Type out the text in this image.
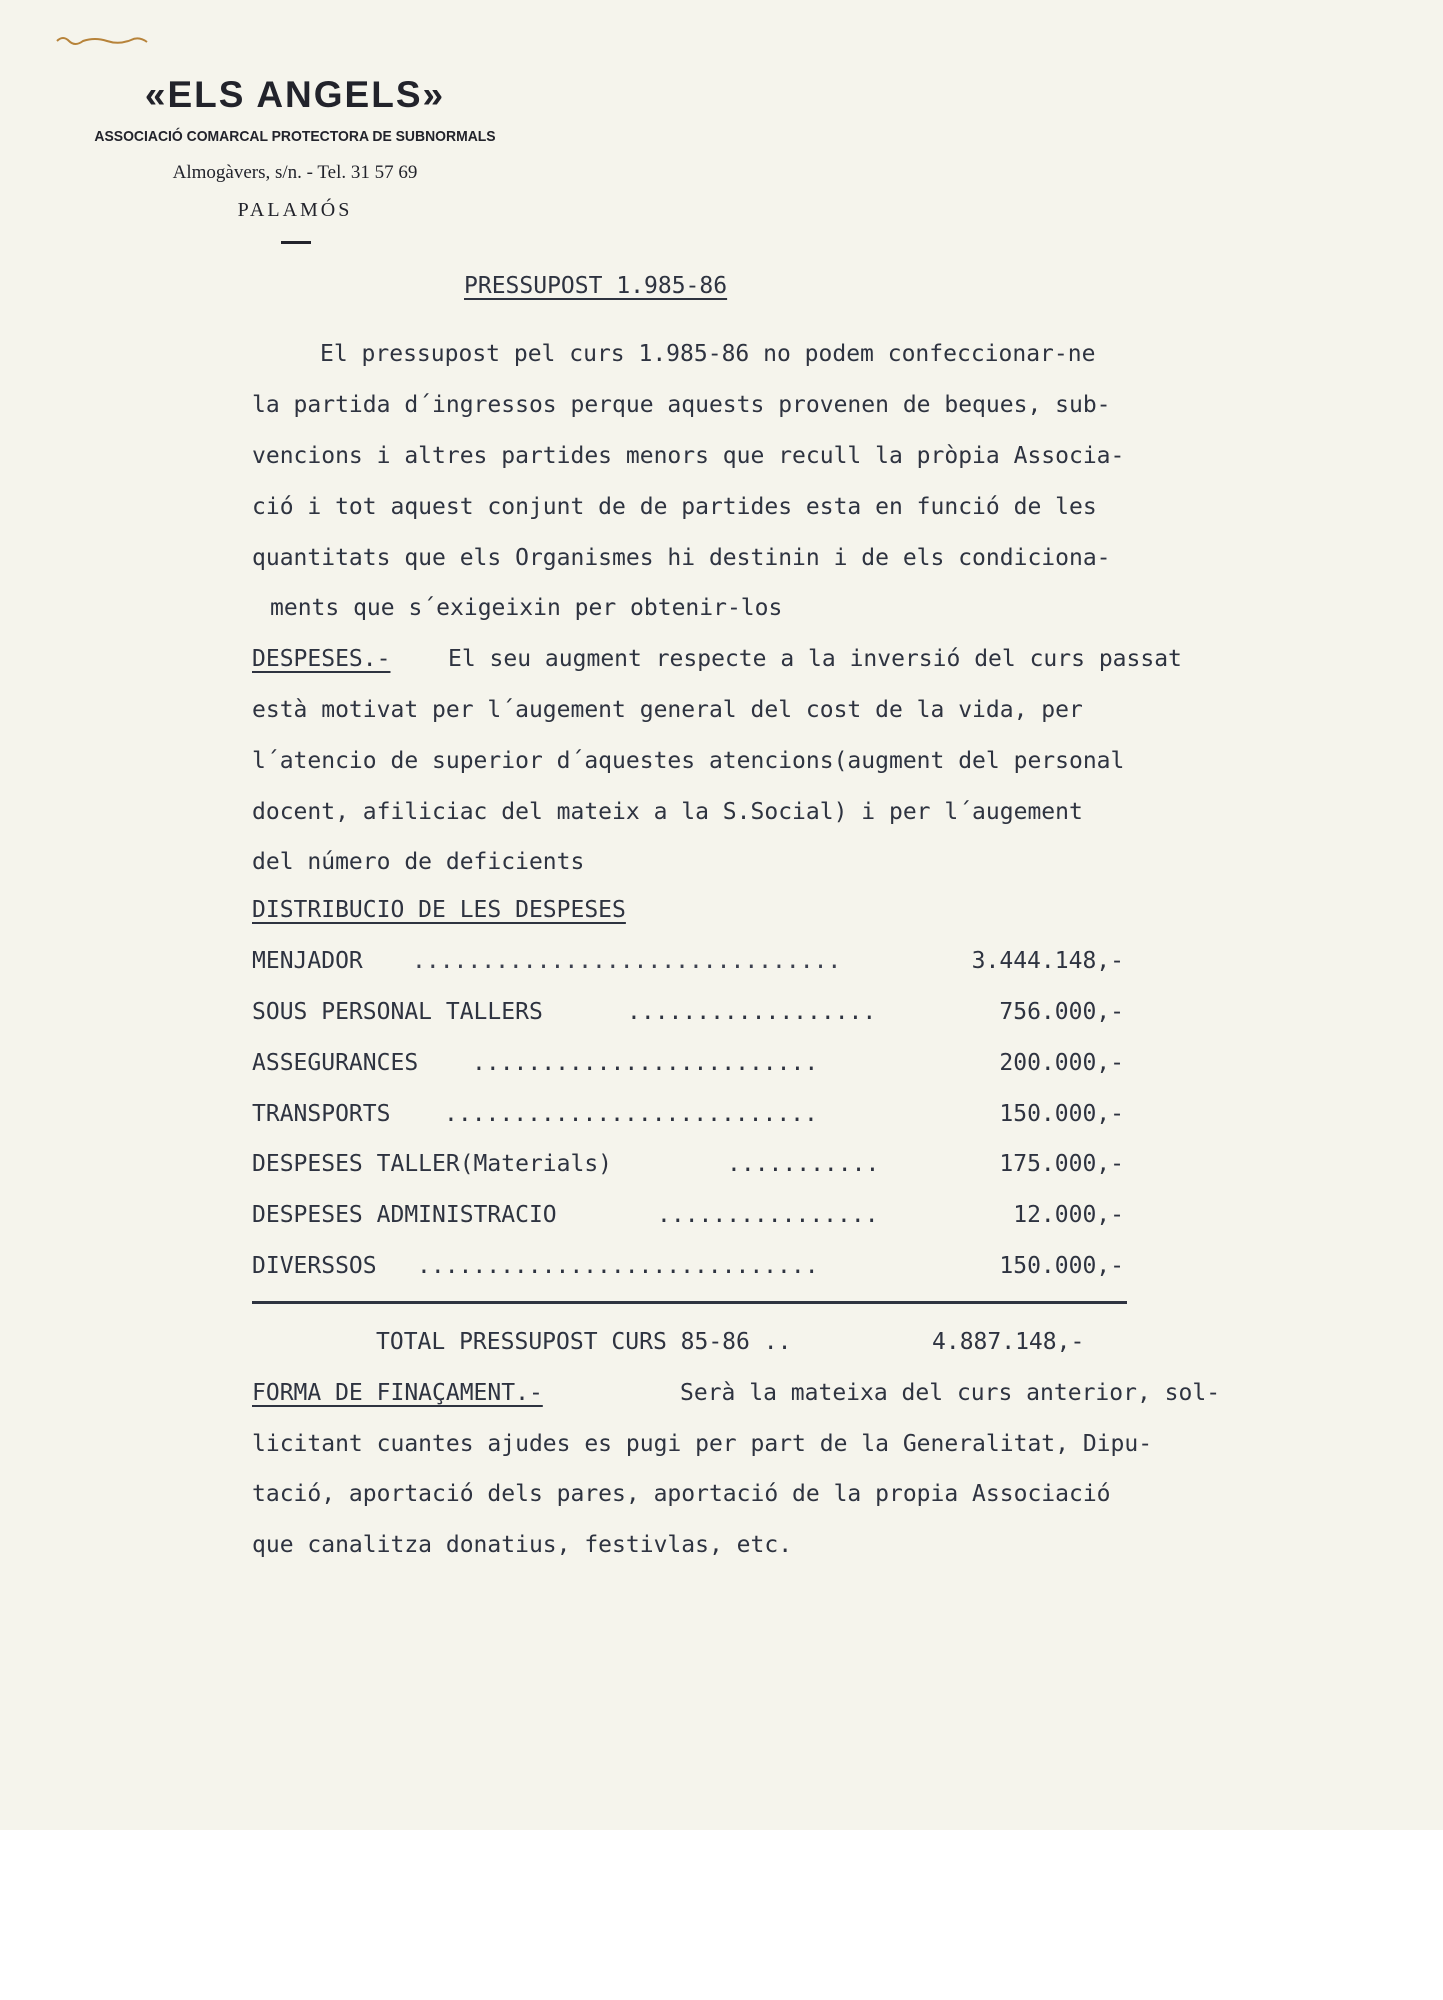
«ELS ANGELS»
ASSOCIACIÓ COMARCAL PROTECTORA DE SUBNORMALS
Almogàvers, s/n. - Tel. 31 57 69
PALAMÓS
PRESSUPOST 1.985-86
El pressupost pel curs 1.985-86 no podem confeccionar-ne
la partida d´ingressos perque aquests provenen de beques, sub-
vencions i altres partides menors que recull la pròpia Associa-
ció i tot aquest conjunt de de partides esta en funció de les
quantitats que els Organismes hi destinin i de els condiciona-
ments que s´exigeixin per obtenir-los
DESPESES.-	El seu augment respecte a la inversió del curs passat
està motivat per l´augement general del cost de la vida, per
l´atencio de superior d´aquestes atencions(augment del personal
docent, afiliciac del mateix a la S.Social) i per l´augement
del número de deficients
DISTRIBUCIO DE LES DESPESES
MENJADOR ...............................	3.444.148,-
SOUS PERSONAL TALLERS	..................	756.000,-
ASSEGURANCES .........................	200.000,-
TRANSPORTS ...........................	150.000,-
DESPESES TALLER(Materials)	...........	175.000,-
DESPESES ADMINISTRACIO	................	12.000,-
DIVERSSOS .............................	150.000,-
TOTAL PRESSUPOST CURS 85-86 ..	4.887.148,-
FORMA DE FINAÇAMENT.-	Serà la mateixa del curs anterior, sol-
licitant cuantes ajudes es pugi per part de la Generalitat, Dipu-
tació, aportació dels pares, aportació de la propia Associació
que canalitza donatius, festivlas, etc.
